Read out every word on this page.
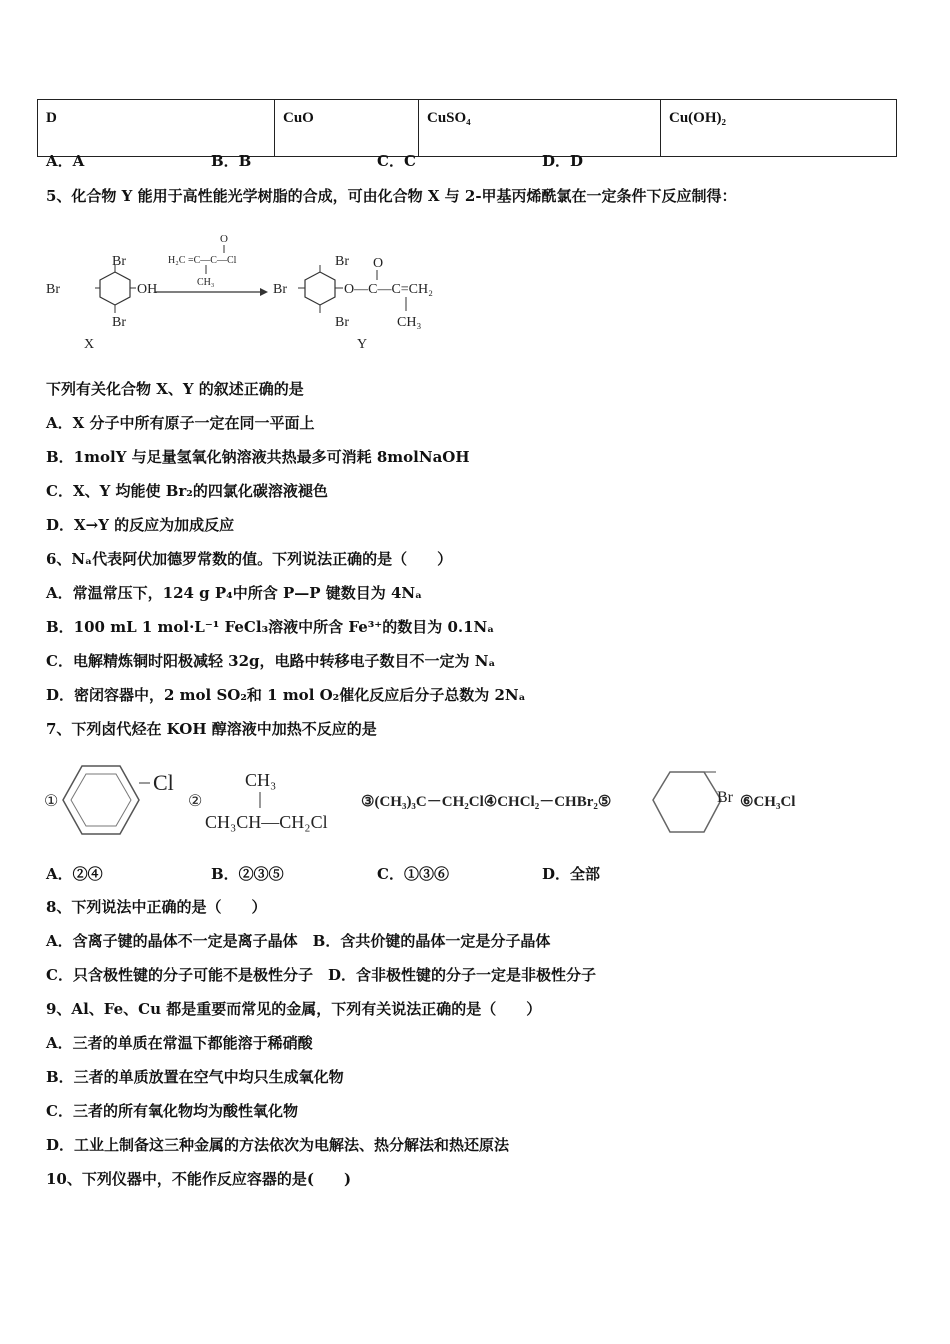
D	CuO	CuSO₄	Cu(OH)₂
A．A	B．B	C．C	D．D
5、化合物 Y 能用于高性能光学树脂的合成，可由化合物 X 与 2-甲基丙烯酰氯在一定条件下反应制得：
Br
Br
Br
OH
X
O
H₂C =C—C—Cl
CH₃
Br
Br
Br
O—C—C=CH₂
O
CH₃
Y
下列有关化合物 X、Y 的叙述正确的是
A．X 分子中所有原子一定在同一平面上
B．1molY 与足量氢氧化钠溶液共热最多可消耗 8molNaOH
C．X、Y 均能使 Br₂的四氯化碳溶液褪色
D．X→Y 的反应为加成反应
6、Nₐ代表阿伏加德罗常数的值。下列说法正确的是（　　）
A．常温常压下，124 g P₄中所含 P—P 键数目为 4Nₐ
B．100 mL 1 mol·L⁻¹ FeCl₃溶液中所含 Fe³⁺的数目为 0.1Nₐ
C．电解精炼铜时阳极减轻 32g，电路中转移电子数目不一定为 Nₐ
D．密闭容器中，2 mol SO₂和 1 mol O₂催化反应后分子总数为 2Nₐ
7、下列卤代烃在 KOH 醇溶液中加热不反应的是
①
Cl
②
CH₃
CH₃CH—CH₂Cl
③(CH₃)₃C－CH₂Cl④CHCl₂－CHBr₂⑤	Br ⑥CH₃Cl
A．②④	B．②③⑤	C．①③⑥	D．全部
8、下列说法中正确的是（　　）
A．含离子键的晶体不一定是离子晶体　B．含共价键的晶体一定是分子晶体
C．只含极性键的分子可能不是极性分子　D．含非极性键的分子一定是非极性分子
9、Al、Fe、Cu 都是重要而常见的金属，下列有关说法正确的是（　　）
A．三者的单质在常温下都能溶于稀硝酸
B．三者的单质放置在空气中均只生成氧化物
C．三者的所有氧化物均为酸性氧化物
D．工业上制备这三种金属的方法依次为电解法、热分解法和热还原法
10、下列仪器中，不能作反应容器的是(　　)
